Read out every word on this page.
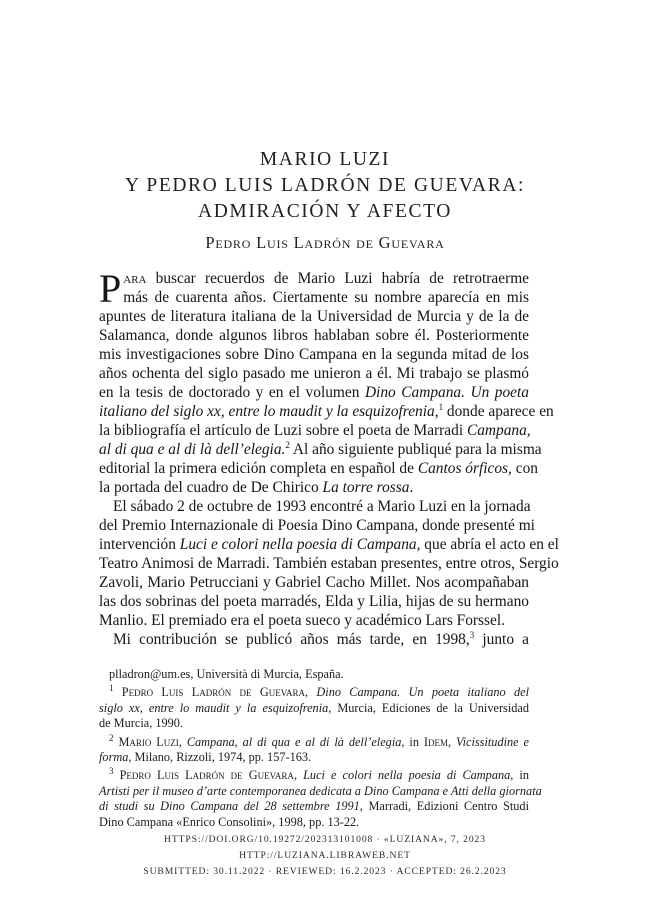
MARIO LUZI
Y PEDRO LUIS LADRÓN DE GUEVARA:
ADMIRACIÓN Y AFECTO
Pedro Luis Ladrón de Guevara
P ara buscar recuerdos de Mario Luzi habría de retrotraerme
más de cuarenta años. Ciertamente su nombre aparecía en mis
apuntes de literatura italiana de la Universidad de Murcia y de la de
Salamanca, donde algunos libros hablaban sobre él. Posteriormente
mis investigaciones sobre Dino Campana en la segunda mitad de los
años ochenta del siglo pasado me unieron a él. Mi trabajo se plasmó
en la tesis de doctorado y en el volumen Dino Campana. Un poeta
italiano del siglo xx, entre lo maudit y la esquizofrenia,$^1$ donde aparece en
la bibliografía el artículo de Luzi sobre el poeta de Marradi Campana,
al di qua e al di là dell’elegia.$^2$ Al año siguiente publiqué para la misma
editorial la primera edición completa en español de Cantos órficos, con
la portada del cuadro de De Chirico La torre rossa.
El sábado 2 de octubre de 1993 encontré a Mario Luzi en la jornada
del Premio Internazionale di Poesia Dino Campana, donde presenté mi
intervención Luci e colori nella poesia di Campana, que abría el acto en el
Teatro Animosi de Marradi. También estaban presentes, entre otros, Sergio
Zavoli, Mario Petrucciani y Gabriel Cacho Millet. Nos acompañaban
las dos sobrinas del poeta marradés, Elda y Lilia, hijas de su hermano
Manlio. El premiado era el poeta sueco y académico Lars Forssel.
Mi contribución se publicó años más tarde, en 1998,$^3$ junto a
plladron@um.es, Università di Murcia, España.
$^1$ Pedro Luis Ladrón de Guevara, Dino Campana. Un poeta italiano del
siglo xx, entre lo maudit y la esquizofrenia, Murcia, Ediciones de la Universidad
de Murcia, 1990.
$^2$ Mario Luzi, Campana, al di qua e al di là dell’elegia, in Idem, Vicissitudine e
forma, Milano, Rizzoli, 1974, pp. 157-163.
$^3$ Pedro Luis Ladrón de Guevara, Luci e colori nella poesia di Campana, in
Artisti per il museo d’arte contemporanea dedicata a Dino Campana e Atti della giornata
di studi su Dino Campana del 28 settembre 1991, Marradi, Edizioni Centro Studi
Dino Campana «Enrico Consolini», 1998, pp. 13-22.
HTTPS://DOI.ORG/10.19272/202313101008 · «LUZIANA», 7, 2023
HTTP://LUZIANA.LIBRAWEB.NET
SUBMITTED: 30.11.2022 · REVIEWED: 16.2.2023 · ACCEPTED: 26.2.2023
